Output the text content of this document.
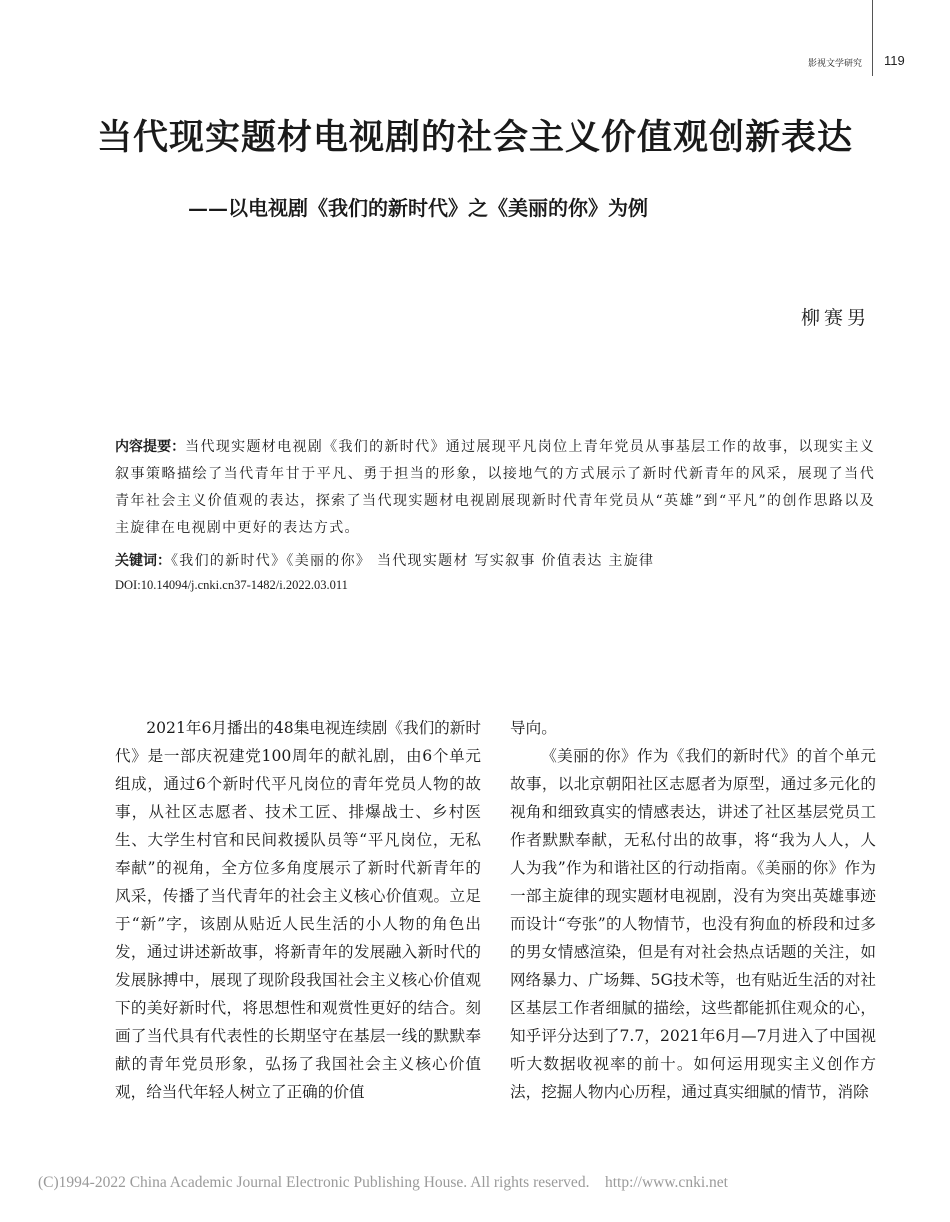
影视文学研究 119
当代现实题材电视剧的社会主义价值观创新表达
——以电视剧《我们的新时代》之《美丽的你》为例
柳赛男

内容提要：当代现实题材电视剧《我们的新时代》通过展现平凡岗位上青年党员从事基层工作的故事，以现实主义叙事策略描绘了当代青年甘于平凡、勇于担当的形象，以接地气的方式展示了新时代新青年的风采，展现了当代青年社会主义价值观的表达，探索了当代现实题材电视剧展现新时代青年党员从“英雄”到“平凡”的创作思路以及主旋律在电视剧中更好的表达方式。

关键词：《我们的新时代》《美丽的你》 当代现实题材 写实叙事 价值表达 主旋律

DOI:10.14094/j.cnki.cn37-1482/i.2022.03.011

2021年6月播出的48集电视连续剧《我们的新时代》是一部庆祝建党100周年的献礼剧，由6个单元组成，通过6个新时代平凡岗位的青年党员人物的故事，从社区志愿者、技术工匠、排爆战士、乡村医生、大学生村官和民间救援队员等“平凡岗位，无私奉献”的视角，全方位多角度展示了新时代新青年的风采，传播了当代青年的社会主义核心价值观。立足于“新”字，该剧从贴近人民生活的小人物的角色出发，通过讲述新故事，将新青年的发展融入新时代的发展脉搏中，展现了现阶段我国社会主义核心价值观下的美好新时代，将思想性和观赏性更好的结合。刻画了当代具有代表性的长期坚守在基层一线的默默奉献的青年党员形象，弘扬了我国社会主义核心价值观，给当代年轻人树立了正确的价值

导向。

《美丽的你》作为《我们的新时代》的首个单元故事，以北京朝阳社区志愿者为原型，通过多元化的视角和细致真实的情感表达，讲述了社区基层党员工作者默默奉献，无私付出的故事，将“我为人人，人人为我”作为和谐社区的行动指南。《美丽的你》作为一部主旋律的现实题材电视剧，没有为突出英雄事迹而设计“夸张”的人物情节，也没有狗血的桥段和过多的男女情感渲染，但是有对社会热点话题的关注，如网络暴力、广场舞、5G技术等，也有贴近生活的对社区基层工作者细腻的描绘，这些都能抓住观众的心，知乎评分达到了7.7，2021年6月—7月进入了中国视听大数据收视率的前十。如何运用现实主义创作方法，挖掘人物内心历程，通过真实细腻的情节，消除

(C)1994-2022 China Academic Journal Electronic Publishing House. All rights reserved. http://www.cnki.net
